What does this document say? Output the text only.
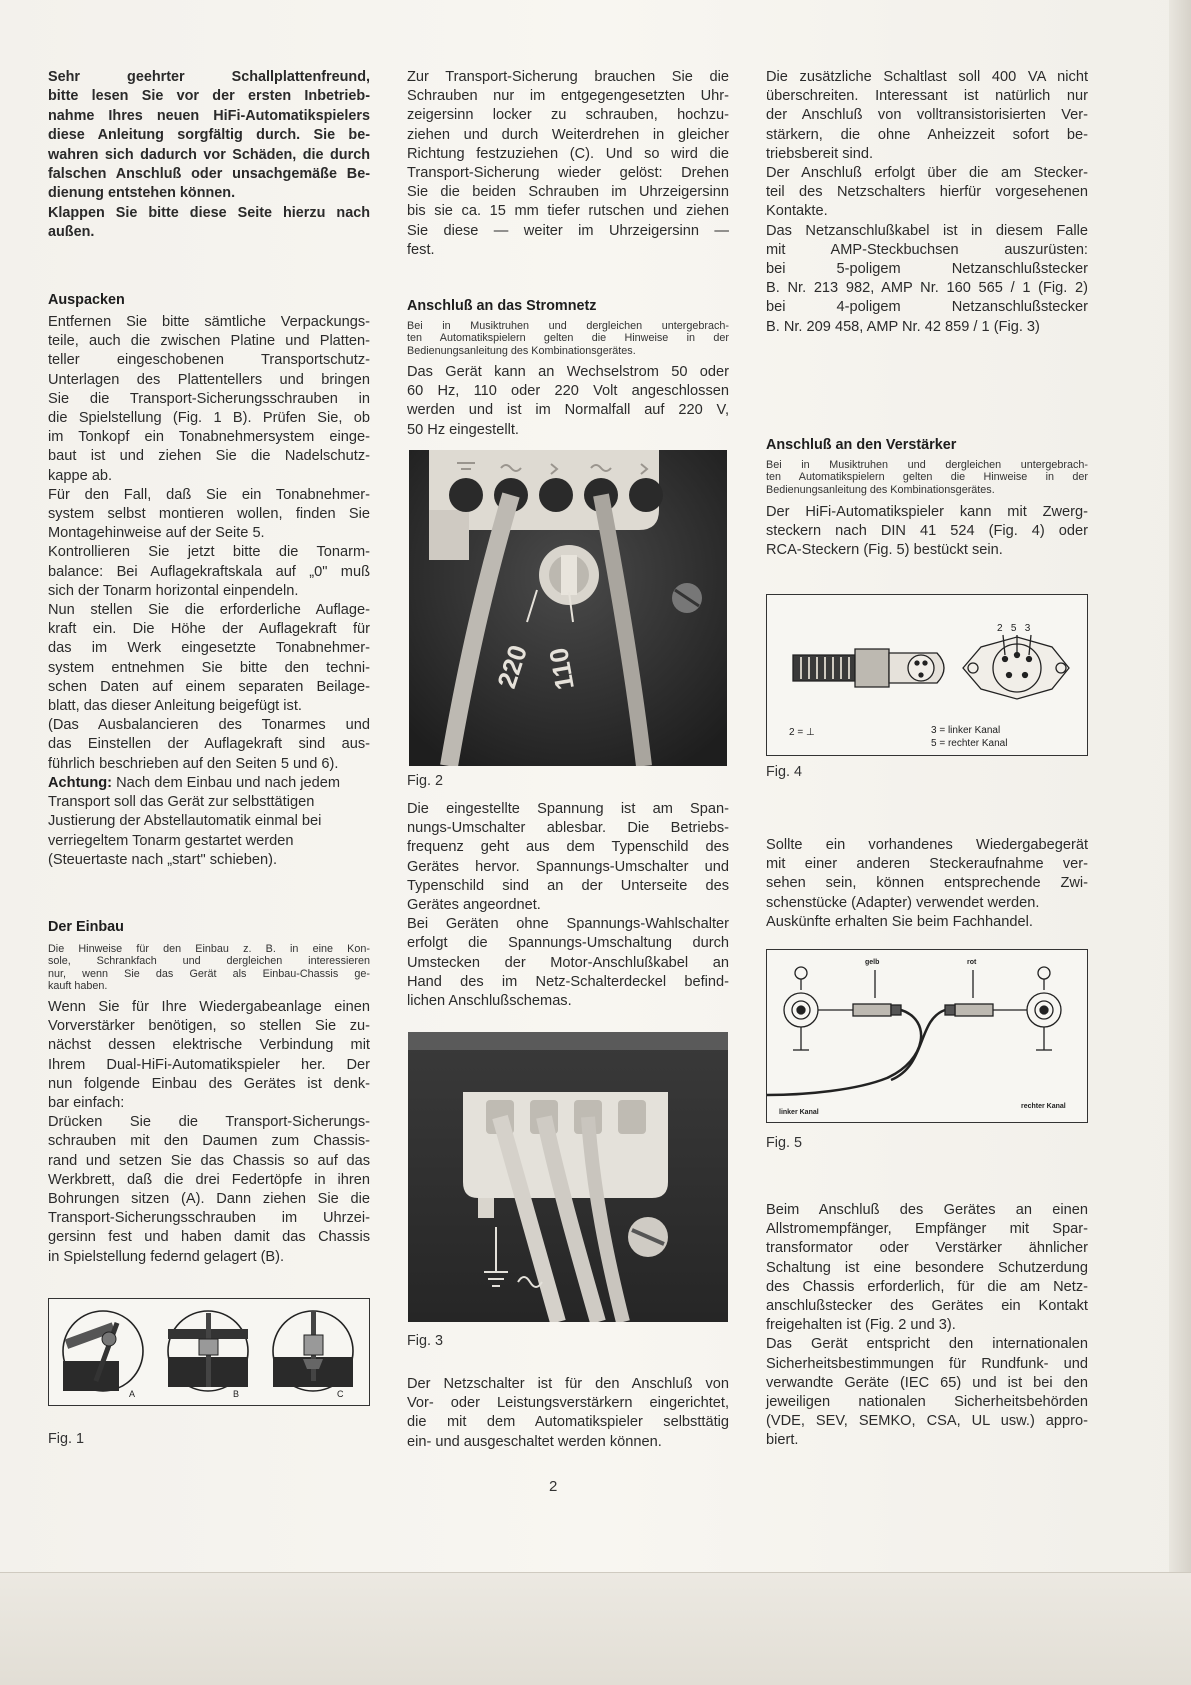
Sehr geehrter Schallplattenfreund,
bitte lesen Sie vor der ersten Inbetrieb-
nahme Ihres neuen HiFi-Automatikspielers
diese Anleitung sorgfältig durch. Sie be-
wahren sich dadurch vor Schäden, die durch
falschen Anschluß oder unsachgemäße Be-
dienung entstehen können.
Klappen Sie bitte diese Seite hierzu nach
außen.
Auspacken
Entfernen Sie bitte sämtliche Verpackungs-
teile, auch die zwischen Platine und Platten-
teller eingeschobenen Transportschutz-
Unterlagen des Plattentellers und bringen
Sie die Transport-Sicherungsschrauben in
die Spielstellung (Fig. 1 B). Prüfen Sie, ob
im Tonkopf ein Tonabnehmersystem einge-
baut ist und ziehen Sie die Nadelschutz-
kappe ab.
Für den Fall, daß Sie ein Tonabnehmer-
system selbst montieren wollen, finden Sie
Montagehinweise auf der Seite 5.
Kontrollieren Sie jetzt bitte die Tonarm-
balance: Bei Auflagekraftskala auf „0" muß
sich der Tonarm horizontal einpendeln.
Nun stellen Sie die erforderliche Auflage-
kraft ein. Die Höhe der Auflagekraft für
das im Werk eingesetzte Tonabnehmer-
system entnehmen Sie bitte den techni-
schen Daten auf einem separaten Beilage-
blatt, das dieser Anleitung beigefügt ist.
(Das Ausbalancieren des Tonarmes und
das Einstellen der Auflagekraft sind aus-
führlich beschrieben auf den Seiten 5 und 6).
Achtung: Nach dem Einbau und nach jedem
Transport soll das Gerät zur selbsttätigen
Justierung der Abstellautomatik einmal bei
verriegeltem Tonarm gestartet werden
(Steuertaste nach „start" schieben).
Der Einbau
Die Hinweise für den Einbau z. B. in eine Kon-
sole, Schrankfach und dergleichen interessieren
nur, wenn Sie das Gerät als Einbau-Chassis ge-
kauft haben.
Wenn Sie für Ihre Wiedergabeanlage einen
Vorverstärker benötigen, so stellen Sie zu-
nächst dessen elektrische Verbindung mit
Ihrem Dual-HiFi-Automatikspieler her. Der
nun folgende Einbau des Gerätes ist denk-
bar einfach:
Drücken Sie die Transport-Sicherungs-
schrauben mit den Daumen zum Chassis-
rand und setzen Sie das Chassis so auf das
Werkbrett, daß die drei Federtöpfe in ihren
Bohrungen sitzen (A). Dann ziehen Sie die
Transport-Sicherungsschrauben im Uhrzei-
gersinn fest und haben damit das Chassis
in Spielstellung federnd gelagert (B).
A	B	C
Fig. 1
Zur Transport-Sicherung brauchen Sie die
Schrauben nur im entgegengesetzten Uhr-
zeigersinn locker zu schrauben, hochzu-
ziehen und durch Weiterdrehen in gleicher
Richtung festzuziehen (C). Und so wird die
Transport-Sicherung wieder gelöst: Drehen
Sie die beiden Schrauben im Uhrzeigersinn
bis sie ca. 15 mm tiefer rutschen und ziehen
Sie diese — weiter im Uhrzeigersinn —
fest.
Anschluß an das Stromnetz
Bei in Musiktruhen und dergleichen untergebrach-
ten Automatikspielern gelten die Hinweise in der
Bedienungsanleitung des Kombinationsgerätes.
Das Gerät kann an Wechselstrom 50 oder
60 Hz, 110 oder 220 Volt angeschlossen
werden und ist im Normalfall auf 220 V,
50 Hz eingestellt.
220 110
Fig. 2
Die eingestellte Spannung ist am Span-
nungs-Umschalter ablesbar. Die Betriebs-
frequenz geht aus dem Typenschild des
Gerätes hervor. Spannungs-Umschalter und
Typenschild sind an der Unterseite des
Gerätes angeordnet.
Bei Geräten ohne Spannungs-Wahlschalter
erfolgt die Spannungs-Umschaltung durch
Umstecken der Motor-Anschlußkabel an
Hand des im Netz-Schalterdeckel befind-
lichen Anschlußschemas.
Fig. 3
Der Netzschalter ist für den Anschluß von
Vor- oder Leistungsverstärkern eingerichtet,
die mit dem Automatikspieler selbsttätig
ein- und ausgeschaltet werden können.
Die zusätzliche Schaltlast soll 400 VA nicht
überschreiten. Interessant ist natürlich nur
der Anschluß von volltransistorisierten Ver-
stärkern, die ohne Anheizzeit sofort be-
triebsbereit sind.
Der Anschluß erfolgt über die am Stecker-
teil des Netzschalters hierfür vorgesehenen
Kontakte.
Das Netzanschlußkabel ist in diesem Falle
mit AMP-Steckbuchsen auszurüsten:
bei 5-poligem Netzanschlußstecker
B. Nr. 213 982, AMP Nr. 160 565 / 1 (Fig. 2)
bei 4-poligem Netzanschlußstecker
B. Nr. 209 458, AMP Nr. 42 859 / 1 (Fig. 3)
Anschluß an den Verstärker
Bei in Musiktruhen und dergleichen untergebrach-
ten Automatikspielern gelten die Hinweise in der
Bedienungsanleitung des Kombinationsgerätes.
Der HiFi-Automatikspieler kann mit Zwerg-
steckern nach DIN 41 524 (Fig. 4) oder
RCA-Steckern (Fig. 5) bestückt sein.
2   5   3
2 = ⊥	3 = linker Kanal
5 = rechter Kanal
Fig. 4
Sollte ein vorhandenes Wiedergabegerät
mit einer anderen Steckeraufnahme ver-
sehen sein, können entsprechende Zwi-
schenstücke (Adapter) verwendet werden.
Auskünfte erhalten Sie beim Fachhandel.
gelb	rot
linker Kanal
rechter Kanal
Fig. 5
Beim Anschluß des Gerätes an einen
Allstromempfänger, Empfänger mit Spar-
transformator oder Verstärker ähnlicher
Schaltung ist eine besondere Schutzerdung
des Chassis erforderlich, für die am Netz-
anschlußstecker des Gerätes ein Kontakt
freigehalten ist (Fig. 2 und 3).
Das Gerät entspricht den internationalen
Sicherheitsbestimmungen für Rundfunk- und
verwandte Geräte (IEC 65) und ist bei den
jeweiligen nationalen Sicherheitsbehörden
(VDE, SEV, SEMKO, CSA, UL usw.) appro-
biert.
2
